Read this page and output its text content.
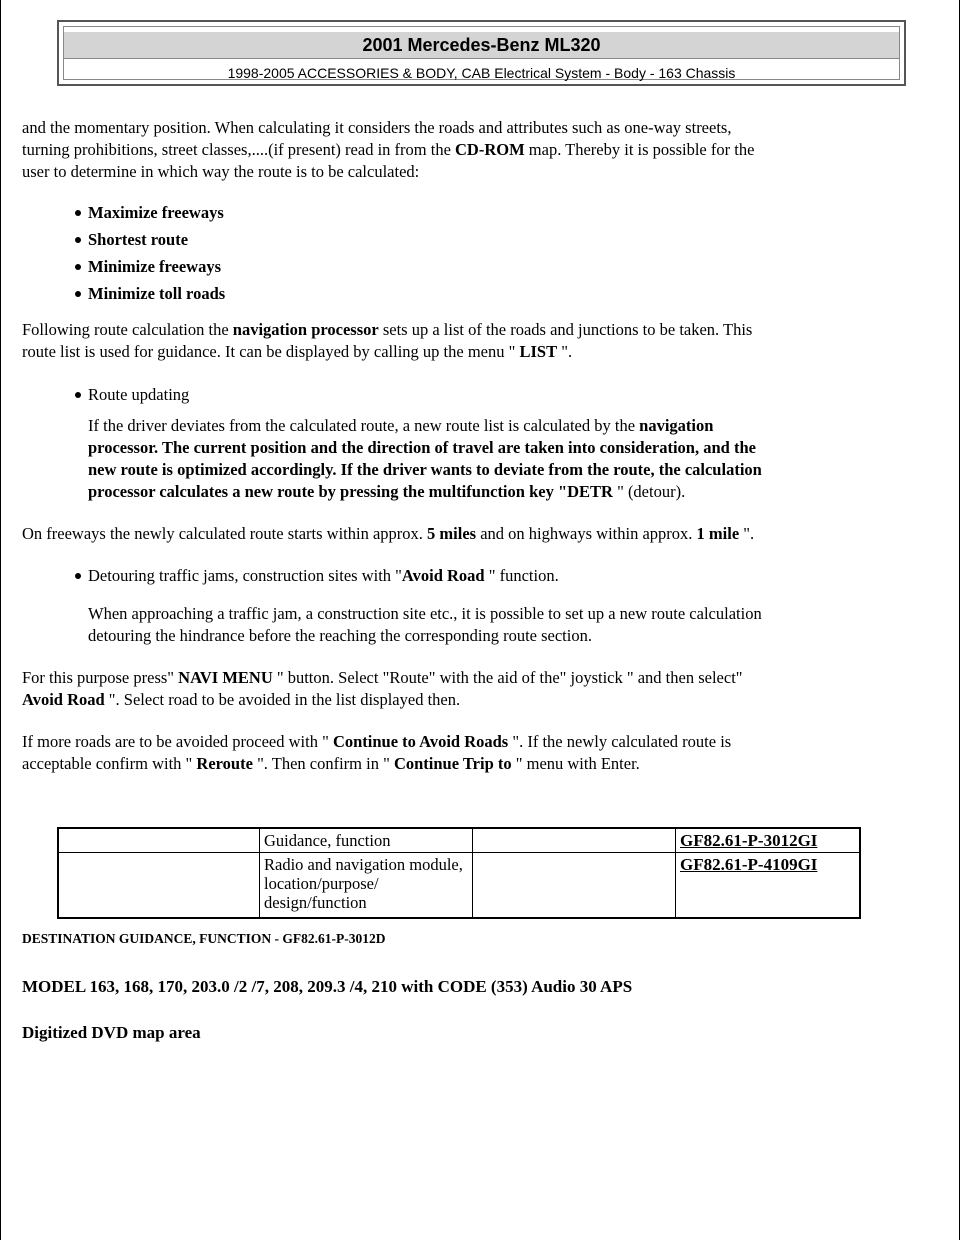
2001 Mercedes-Benz ML320
1998-2005 ACCESSORIES & BODY, CAB Electrical System - Body - 163 Chassis

and the momentary position. When calculating it considers the roads and attributes such as one-way streets,
turning prohibitions, street classes,....(if present) read in from the CD-ROM map. Thereby it is possible for the
user to determine in which way the route is to be calculated:

Maximize freeways
Shortest route
Minimize freeways
Minimize toll roads

Following route calculation the navigation processor sets up a list of the roads and junctions to be taken. This
route list is used for guidance. It can be displayed by calling up the menu " LIST ".

Route updating

If the driver deviates from the calculated route, a new route list is calculated by the navigation
processor. The current position and the direction of travel are taken into consideration, and the
new route is optimized accordingly. If the driver wants to deviate from the route, the calculation
processor calculates a new route by pressing the multifunction key "DETR " (detour).

On freeways the newly calculated route starts within approx. 5 miles and on highways within approx. 1 mile ".

Detouring traffic jams, construction sites with "Avoid Road " function.

When approaching a traffic jam, a construction site etc., it is possible to set up a new route calculation
detouring the hindrance before the reaching the corresponding route section.

For this purpose press" NAVI MENU " button. Select "Route" with the aid of the" joystick " and then select"
Avoid Road ". Select road to be avoided in the list displayed then.

If more roads are to be avoided proceed with " Continue to Avoid Roads ". If the newly calculated route is
acceptable confirm with " Reroute ". Then confirm in " Continue Trip to " menu with Enter.

	Guidance, function		GF82.61-P-3012GI
	Radio and navigation module, location/purpose/ design/function		GF82.61-P-4109GI
DESTINATION GUIDANCE, FUNCTION - GF82.61-P-3012D
MODEL 163, 168, 170, 203.0 /2 /7, 208, 209.3 /4, 210 with CODE (353) Audio 30 APS
Digitized DVD map area
